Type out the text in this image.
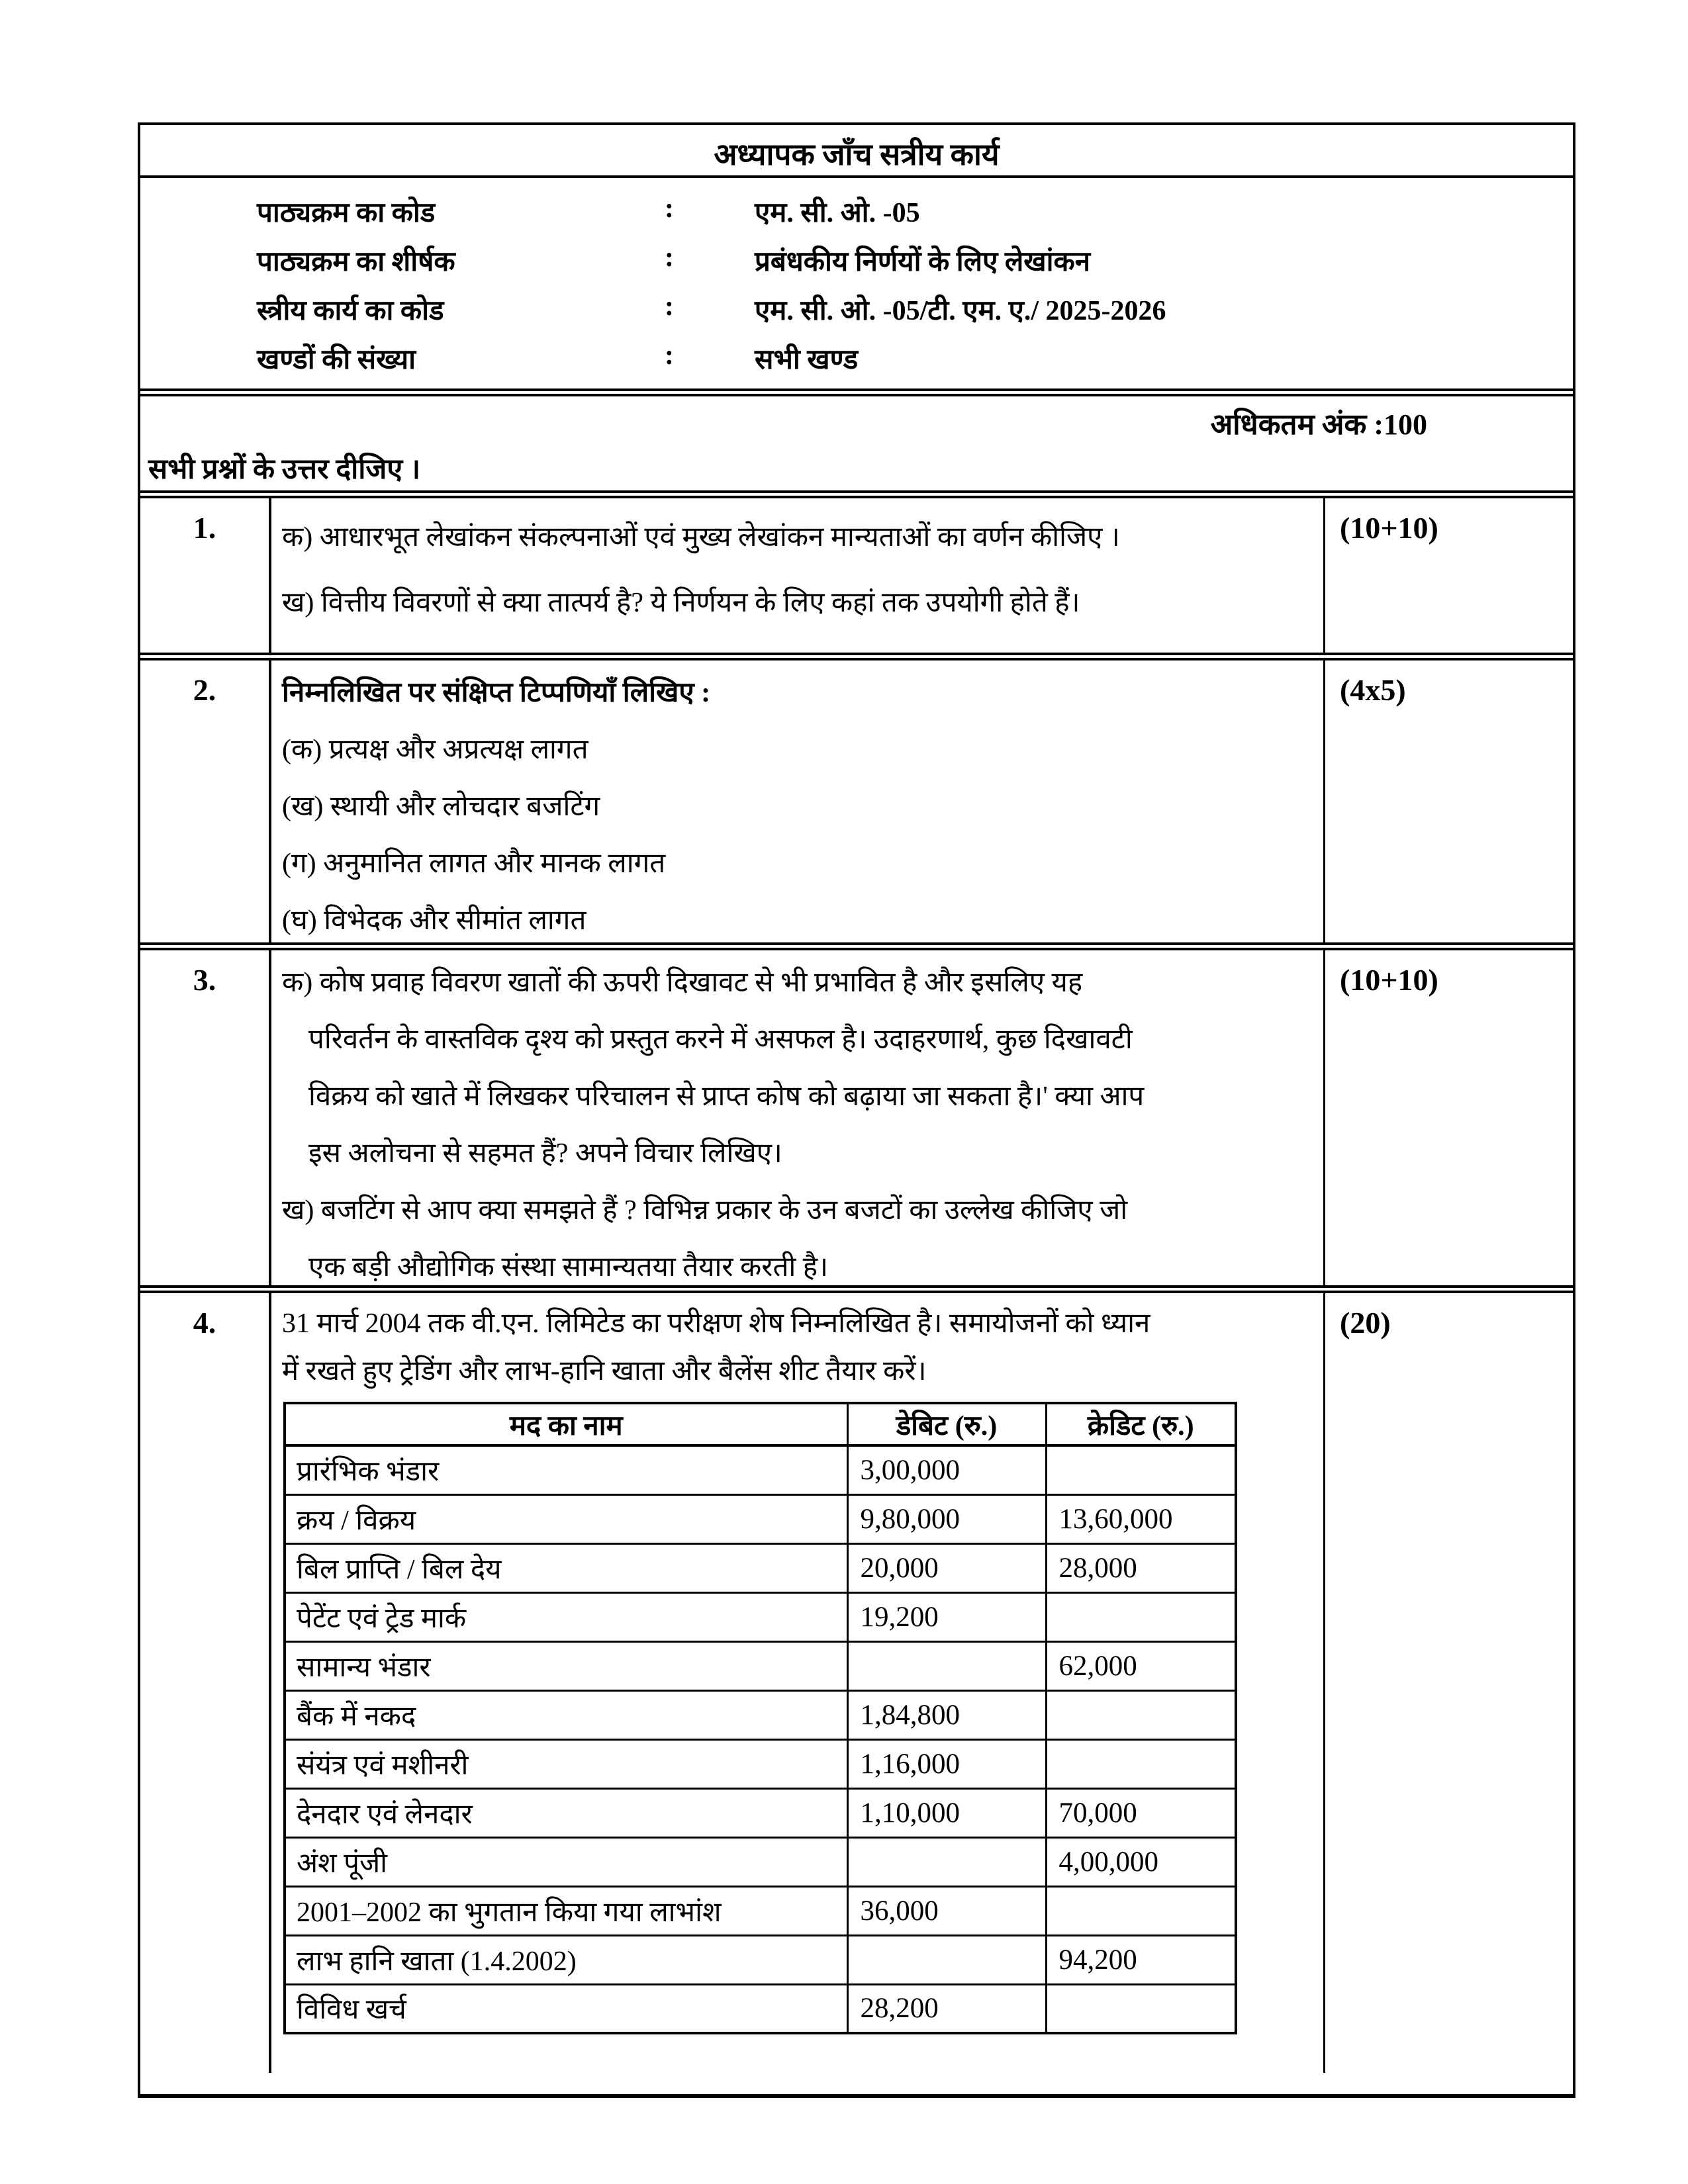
अध्यापक जाँच सत्रीय कार्य
पाठ्यक्रम का कोड	:	एम. सी. ओ. -05
पाठ्यक्रम का शीर्षक	:	प्रबंधकीय निर्णयों के लिए लेखांकन
स्त्रीय कार्य का कोड	:	एम. सी. ओ. -05/टी. एम. ए./ 2025-2026
खण्डों की संख्या	:	सभी खण्ड
अधिकतम अंक :100
सभी प्रश्नों के उत्तर दीजिए ।
1.	क) आधारभूत लेखांकन संकल्पनाओं एवं मुख्य लेखांकन मान्यताओं का वर्णन कीजिए ।
ख) वित्तीय विवरणों से क्या तात्पर्य है? ये निर्णयन के लिए कहां तक उपयोगी होते हैं।
(10+10)
2.	निम्नलिखित पर संक्षिप्त टिप्पणियाँ लिखिए :
(क) प्रत्यक्ष और अप्रत्यक्ष लागत
(ख) स्थायी और लोचदार बजटिंग
(ग) अनुमानित लागत और मानक लागत
(घ) विभेदक और सीमांत लागत
(4x5)
3.	क) कोष प्रवाह विवरण खातों की ऊपरी दिखावट से भी प्रभावित है और इसलिए यह
परिवर्तन के वास्तविक दृश्य को प्रस्तुत करने में असफल है। उदाहरणार्थ, कुछ दिखावटी
विक्रय को खाते में लिखकर परिचालन से प्राप्त कोष को बढ़ाया जा सकता है।' क्या आप
इस अलोचना से सहमत हैं? अपने विचार लिखिए।
ख) बजटिंग से आप क्या समझते हैं ? विभिन्न प्रकार के उन बजटों का उल्लेख कीजिए जो
एक बड़ी औद्योगिक संस्था सामान्यतया तैयार करती है।
(10+10)
4.	31 मार्च 2004 तक वी.एन. लिमिटेड का परीक्षण शेष निम्नलिखित है। समायोजनों को ध्यान
में रखते हुए ट्रेडिंग और लाभ-हानि खाता और बैलेंस शीट तैयार करें।
मद का नाम	डेबिट (रु.)	क्रेडिट (रु.)
प्रारंभिक भंडार	3,00,000	
क्रय / विक्रय	9,80,000	13,60,000
बिल प्राप्ति / बिल देय	20,000	28,000
पेटेंट एवं ट्रेड मार्क	19,200	
सामान्य भंडार		62,000
बैंक में नकद	1,84,800	
संयंत्र एवं मशीनरी	1,16,000	
देनदार एवं लेनदार	1,10,000	70,000
अंश पूंजी		4,00,000
2001–2002 का भुगतान किया गया लाभांश	36,000	
लाभ हानि खाता (1.4.2002)		94,200
विविध खर्च	28,200	
(20)
